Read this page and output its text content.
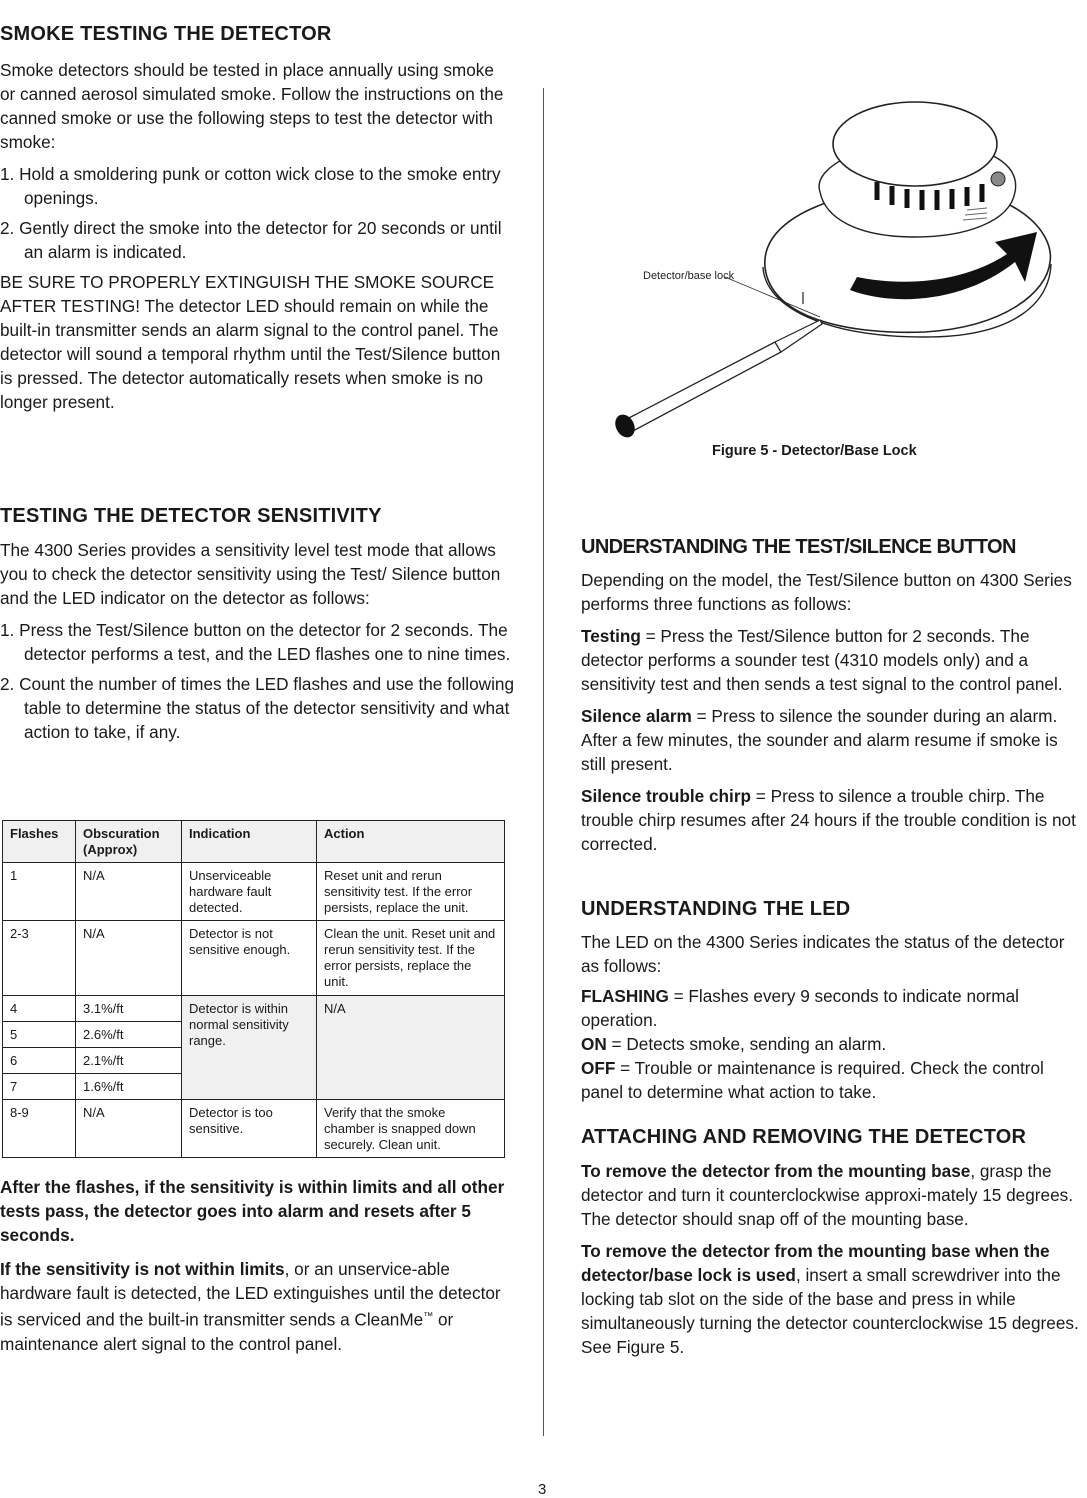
SMOKE TESTING THE DETECTOR

Smoke detectors should be tested in place annually using smoke or canned aerosol simulated smoke. Follow the instructions on the canned smoke or use the following steps to test the detector with smoke:

1. Hold a smoldering punk or cotton wick close to the smoke entry openings.
2. Gently direct the smoke into the detector for 20 seconds or until an alarm is indicated.

BE SURE TO PROPERLY EXTINGUISH THE SMOKE SOURCE AFTER TESTING! The detector LED should remain on while the built-in transmitter sends an alarm signal to the control panel. The detector will sound a temporal rhythm until the Test/Silence button is pressed. The detector automatically resets when smoke is no longer present.

TESTING THE DETECTOR SENSITIVITY

The 4300 Series provides a sensitivity level test mode that allows you to check the detector sensitivity using the Test/ Silence button and the LED indicator on the detector as follows:

1. Press the Test/Silence button on the detector for 2 seconds. The detector performs a test, and the LED flashes one to nine times.
2. Count the number of times the LED flashes and use the following table to determine the status of the detector sensitivity and what action to take, if any.
Flashes	Obscuration (Approx)	Indication	Action
1	N/A	Unserviceable hardware fault detected.	Reset unit and rerun sensitivity test. If the error persists, replace the unit.
2-3	N/A	Detector is not sensitive enough.	Clean the unit. Reset unit and rerun sensitivity test. If the error persists, replace the unit.
4	3.1%/ft	Detector is within normal sensitivity range.	N/A
5	2.6%/ft		
6	2.1%/ft		
7	1.6%/ft		
8-9	N/A	Detector is too sensitive.	Verify that the smoke chamber is snapped down securely. Clean unit.

After the flashes, if the sensitivity is within limits and all other tests pass, the detector goes into alarm and resets after 5 seconds.

If the sensitivity is not within limits, or an unservice-able hardware fault is detected, the LED extinguishes until the detector is serviced and the built-in transmitter sends a CleanMe™ or maintenance alert signal to the control panel.

Detector/base lock
Figure 5 - Detector/Base Lock
UNDERSTANDING THE TEST/SILENCE BUTTON

Depending on the model, the Test/Silence button on 4300 Series performs three functions as follows:

Testing = Press the Test/Silence button for 2 seconds. The detector performs a sounder test (4310 models only) and a sensitivity test and then sends a test signal to the control panel.

Silence alarm = Press to silence the sounder during an alarm. After a few minutes, the sounder and alarm resume if smoke is still present.

Silence trouble chirp = Press to silence a trouble chirp. The trouble chirp resumes after 24 hours if the trouble condition is not corrected.

UNDERSTANDING THE LED

The LED on the 4300 Series indicates the status of the detector as follows:

FLASHING = Flashes every 9 seconds to indicate normal operation.

ON = Detects smoke, sending an alarm.

OFF = Trouble or maintenance is required. Check the control panel to determine what action to take.

ATTACHING AND REMOVING THE DETECTOR

To remove the detector from the mounting base, grasp the detector and turn it counterclockwise approxi-mately 15 degrees. The detector should snap off of the mounting base.

To remove the detector from the mounting base when the detector/base lock is used, insert a small screwdriver into the locking tab slot on the side of the base and press in while simultaneously turning the detector counterclockwise 15 degrees. See Figure 5.

3
